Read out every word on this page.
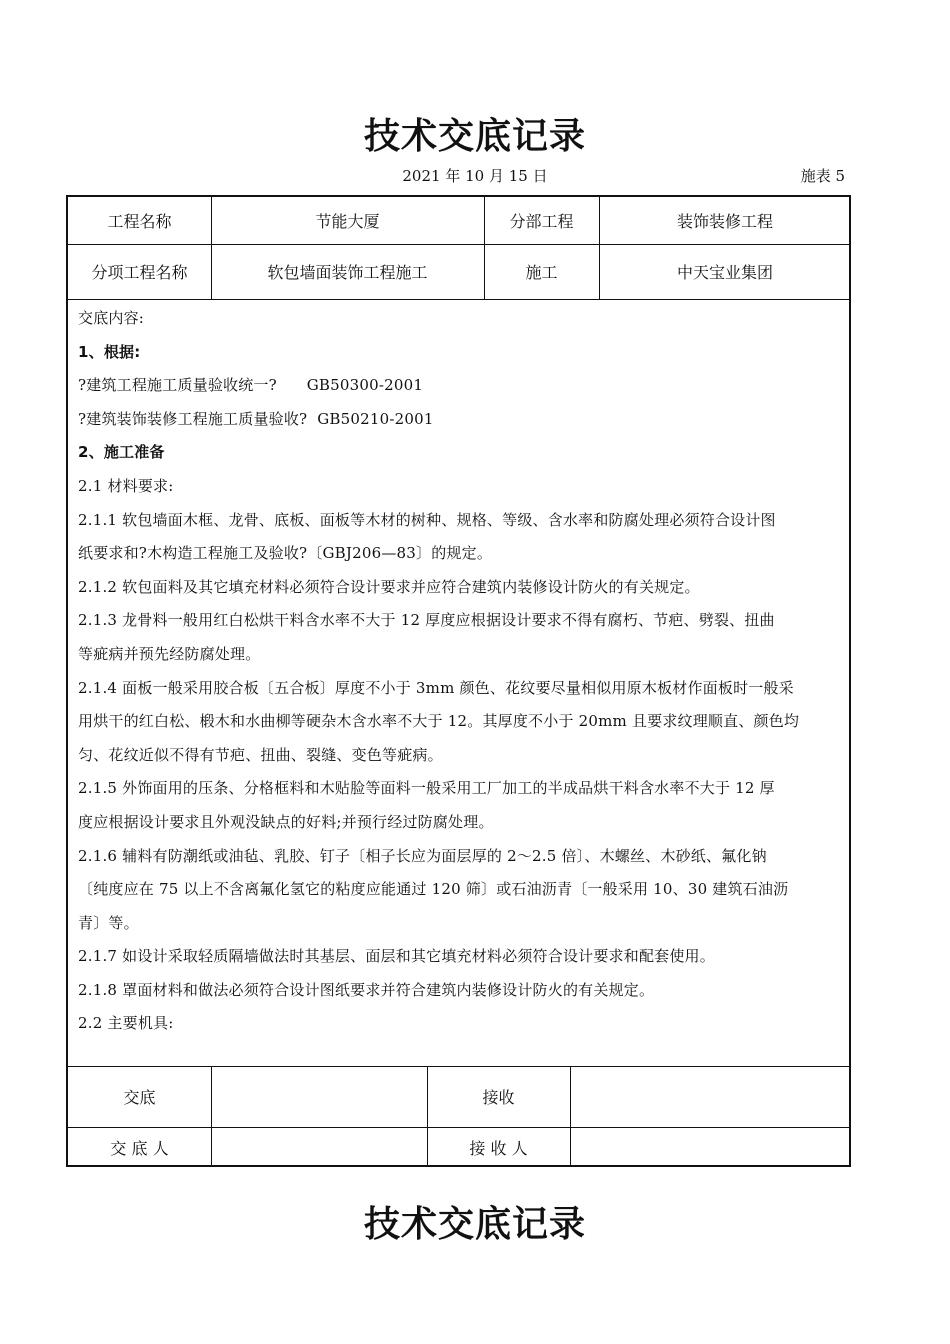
技术交底记录
2021 年 10 月 15 日	施表 5
工程名称	节能大厦	分部工程	装饰装修工程
分项工程名称	软包墙面装饰工程施工	施工	中天宝业集团
交底内容:
1、根据:
?建筑工程施工质量验收统一?      GB50300-2001
?建筑装饰装修工程施工质量验收?  GB50210-2001
2、施工准备
2.1 材料要求:
2.1.1 软包墙面木框、龙骨、底板、面板等木材的树种、规格、等级、含水率和防腐处理必须符合设计图
纸要求和?木构造工程施工及验收?〔GBJ206—83〕的规定。
2.1.2 软包面料及其它填充材料必须符合设计要求并应符合建筑内装修设计防火的有关规定。
2.1.3 龙骨料一般用红白松烘干料含水率不大于 12 厚度应根据设计要求不得有腐朽、节疤、劈裂、扭曲
等疵病并预先经防腐处理。
2.1.4 面板一般采用胶合板〔五合板〕厚度不小于 3mm 颜色、花纹要尽量相似用原木板材作面板时一般采
用烘干的红白松、椴木和水曲柳等硬杂木含水率不大于 12。其厚度不小于 20mm 且要求纹理顺直、颜色均
匀、花纹近似不得有节疤、扭曲、裂缝、变色等疵病。
2.1.5 外饰面用的压条、分格框料和木贴脸等面料一般采用工厂加工的半成品烘干料含水率不大于 12 厚
度应根据设计要求且外观没缺点的好料;并预行经过防腐处理。
2.1.6 辅料有防潮纸或油毡、乳胶、钉子〔相子长应为面层厚的 2～2.5 倍〕、木螺丝、木砂纸、氟化钠
〔纯度应在 75 以上不含离氟化氢它的粘度应能通过 120 筛〕或石油沥青〔一般采用 10、30 建筑石油沥
青〕等。
2.1.7 如设计采取轻质隔墙做法时其基层、面层和其它填充材料必须符合设计要求和配套使用。
2.1.8 罩面材料和做法必须符合设计图纸要求并符合建筑内装修设计防火的有关规定。
2.2 主要机具:
交底	接收
交 底 人	接 收 人
技术交底记录
